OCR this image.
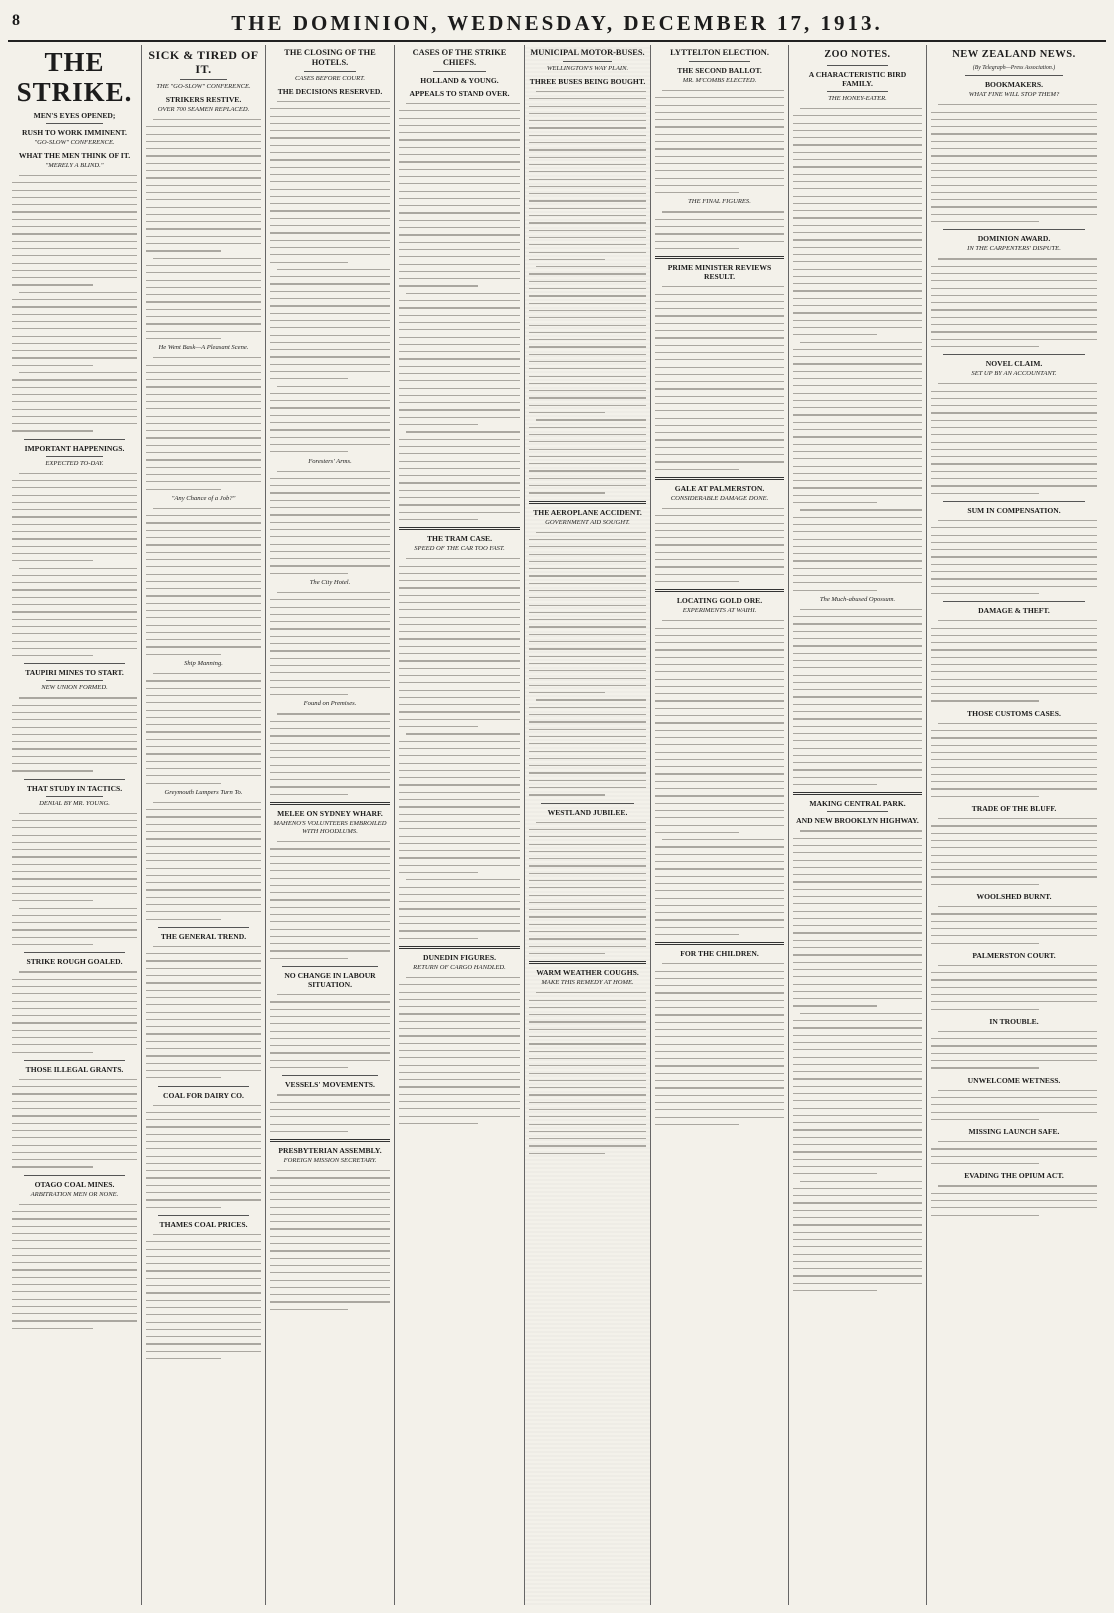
8	THE DOMINION, WEDNESDAY, DECEMBER 17, 1913.
THE STRIKE.
MEN'S EYES OPENED;
RUSH TO WORK IMMINENT.
"GO-SLOW" CONFERENCE.
WHAT THE MEN THINK OF IT.
"MERELY A BLIND."
IMPORTANT HAPPENINGS.
EXPECTED TO-DAY.
TAUPIRI MINES TO START.
NEW UNION FORMED.
THAT STUDY IN TACTICS.
DENIAL BY MR. YOUNG.
STRIKE ROUGH GOALED.
THOSE ILLEGAL GRANTS.
OTAGO COAL MINES.
ARBITRATION MEN OR NONE.
SICK & TIRED OF IT.
THE "GO-SLOW" CONFERENCE.
STRIKERS RESTIVE.
OVER 700 SEAMEN REPLACED.
He Went Bask—A Pleasant Scene.
"Any Chance of a Job?"
Ship Manning.
Greymouth Lumpers Turn To.
THE GENERAL TREND.
COAL FOR DAIRY CO.
THAMES COAL PRICES.
THE CLOSING OF THE HOTELS.
CASES BEFORE COURT.
THE DECISIONS RESERVED.
Foresters' Arms.
The City Hotel.
Found on Premises.
MELEE ON SYDNEY WHARF.
MAHENO'S VOLUNTEERS EMBROILED WITH HOODLUMS.
NO CHANGE IN LABOUR SITUATION.
VESSELS' MOVEMENTS.
PRESBYTERIAN ASSEMBLY.
FOREIGN MISSION SECRETARY.
CASES OF THE STRIKE CHIEFS.
HOLLAND & YOUNG.
APPEALS TO STAND OVER.
THE TRAM CASE.
SPEED OF THE CAR TOO FAST.
DUNEDIN FIGURES.
RETURN OF CARGO HANDLED.
MUNICIPAL MOTOR-BUSES.
WELLINGTON'S WAY PLAIN.
THREE BUSES BEING BOUGHT.
THE AEROPLANE ACCIDENT.
GOVERNMENT AID SOUGHT.
WESTLAND JUBILEE.
WARM WEATHER COUGHS.
MAKE THIS REMEDY AT HOME.
LYTTELTON ELECTION.
THE SECOND BALLOT.
MR. M'COMBS ELECTED.
THE FINAL FIGURES.
PRIME MINISTER REVIEWS RESULT.
GALE AT PALMERSTON.
CONSIDERABLE DAMAGE DONE.
LOCATING GOLD ORE.
EXPERIMENTS AT WAIHI.
FOR THE CHILDREN.
ZOO NOTES.
A CHARACTERISTIC BIRD FAMILY.
THE HONEY-EATER.
The Much-abused Opossum.
MAKING CENTRAL PARK.
AND NEW BROOKLYN HIGHWAY.
NEW ZEALAND NEWS.
(By Telegraph—Press Association.)
BOOKMAKERS.
WHAT FINE WILL STOP THEM?
DOMINION AWARD.
IN THE CARPENTERS' DISPUTE.
NOVEL CLAIM.
SET UP BY AN ACCOUNTANT.
SUM IN COMPENSATION.
DAMAGE & THEFT.
THOSE CUSTOMS CASES.
TRADE OF THE BLUFF.
WOOLSHED BURNT.
PALMERSTON COURT.
IN TROUBLE.
UNWELCOME WETNESS.
MISSING LAUNCH SAFE.
EVADING THE OPIUM ACT.
